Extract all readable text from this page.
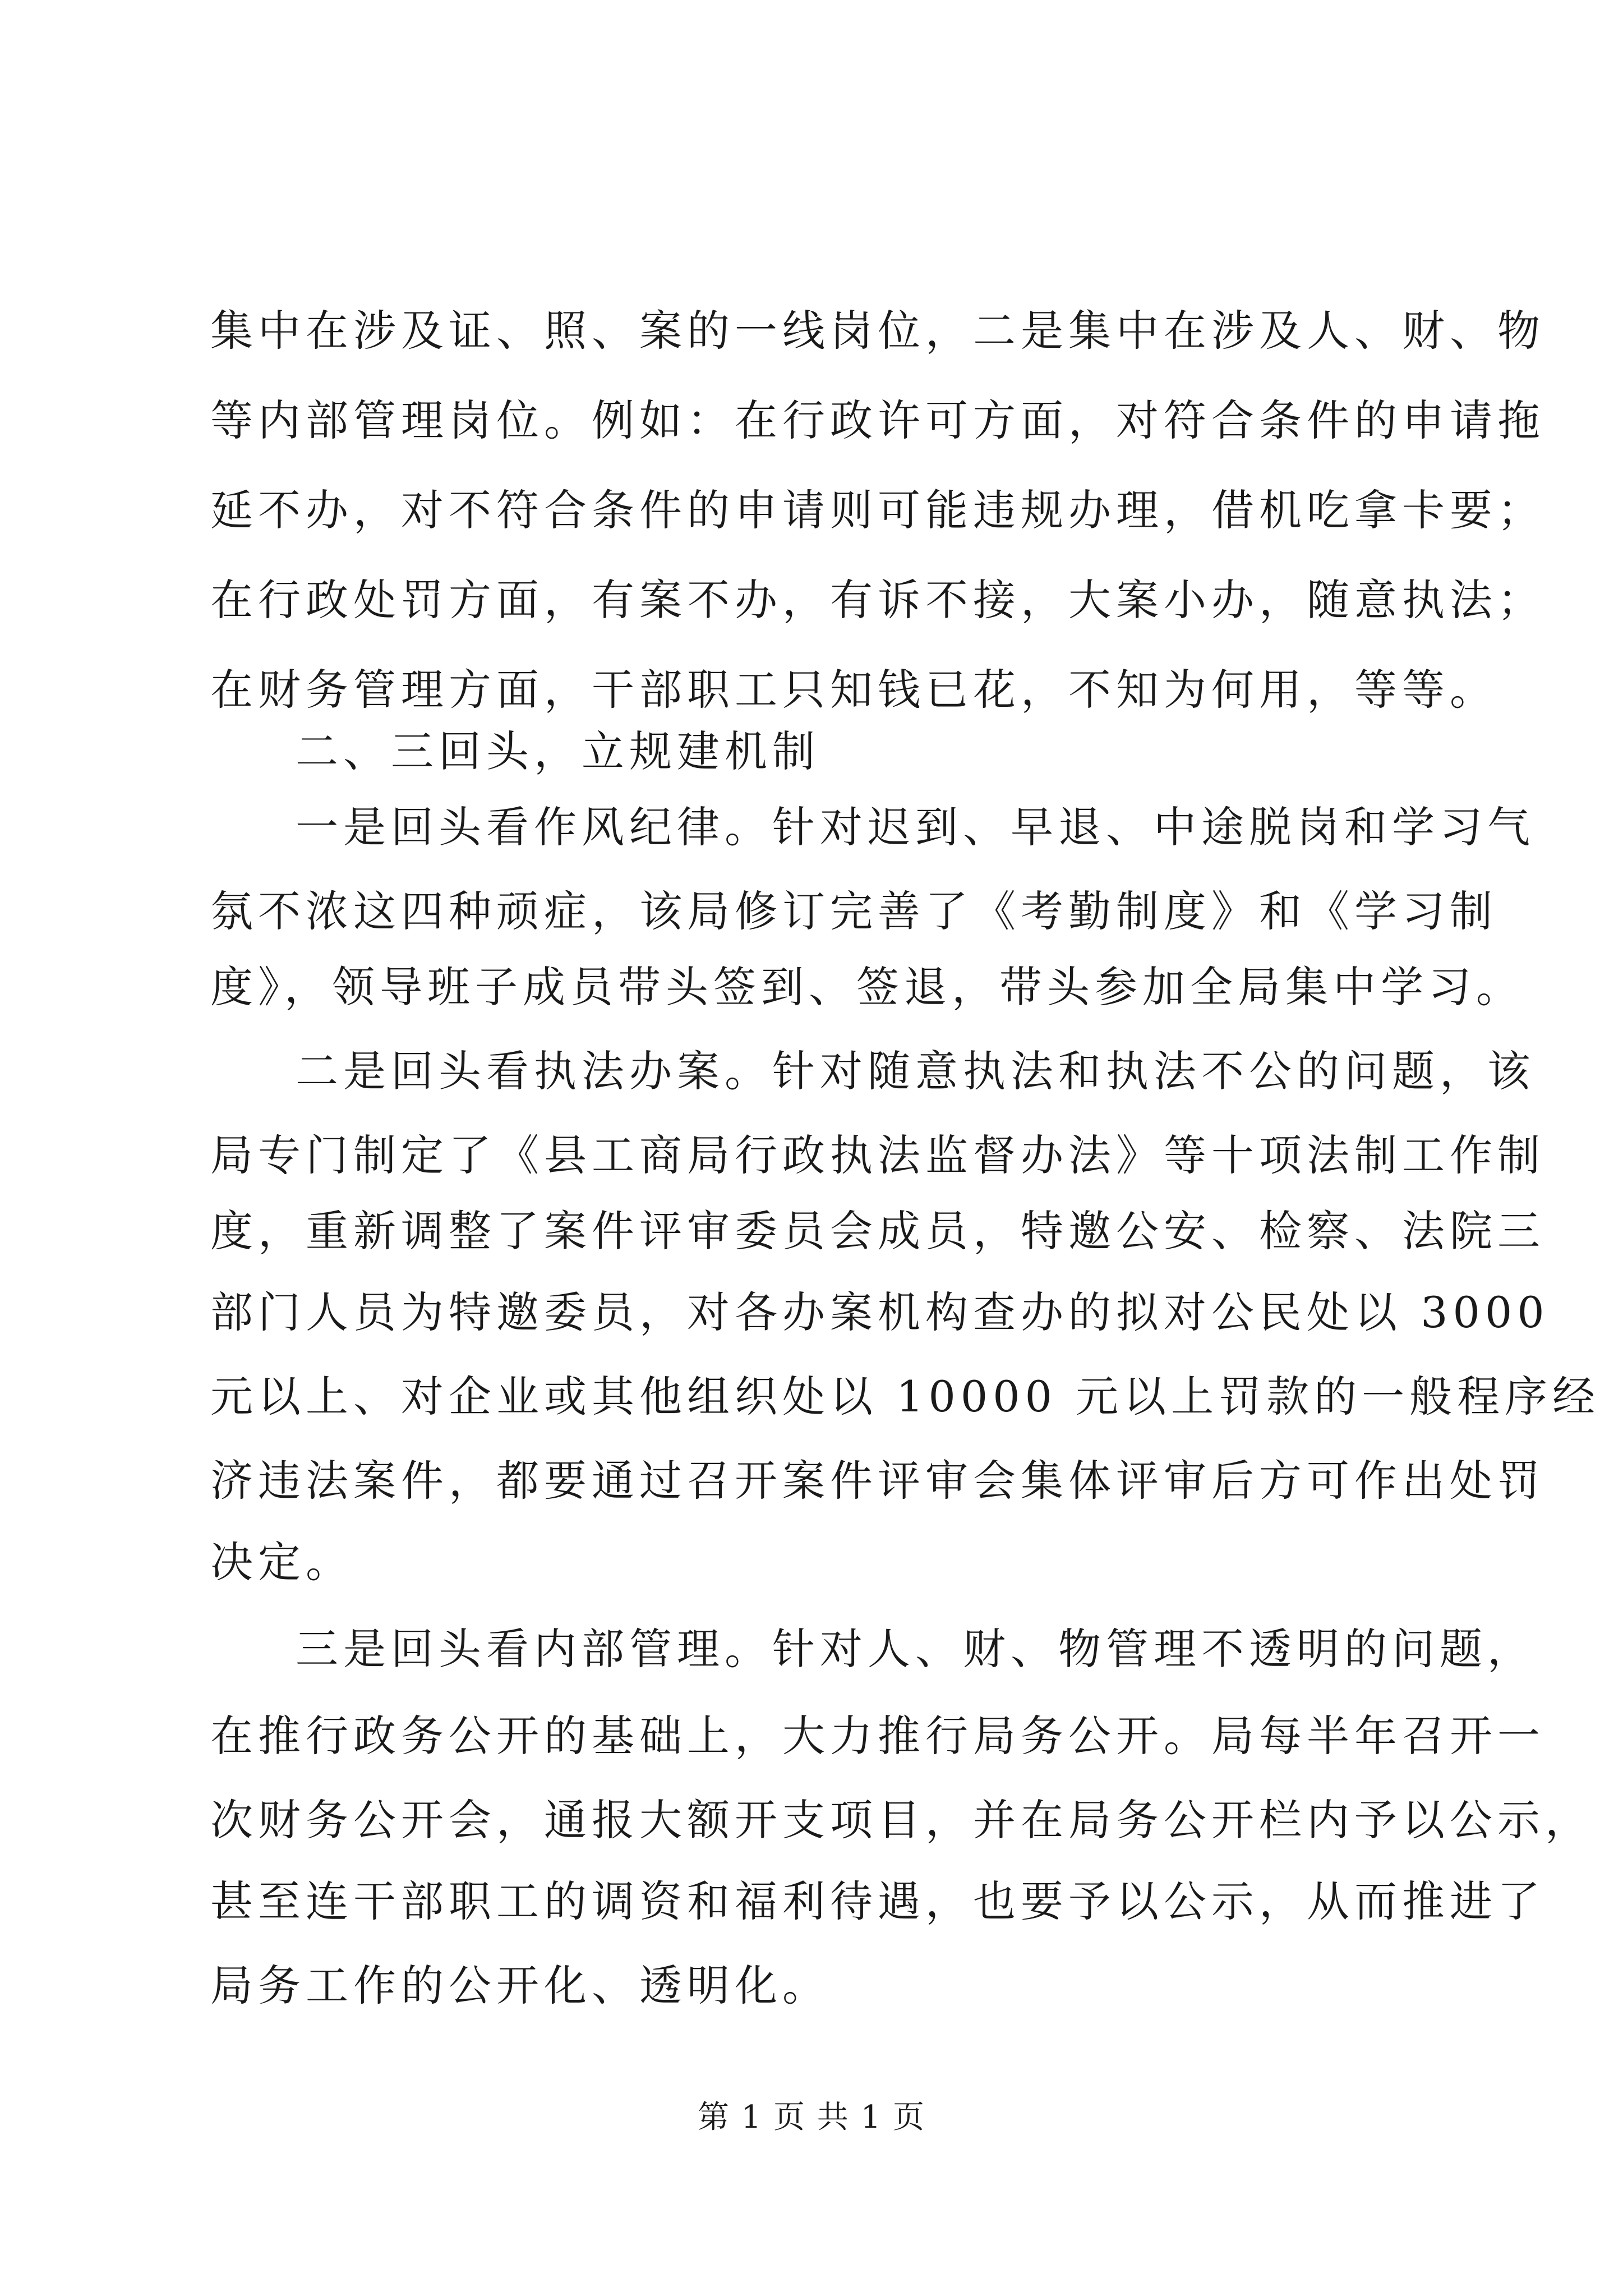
集中在涉及证、照、案的一线岗位，二是集中在涉及人、财、物
等内部管理岗位。例如：在行政许可方面，对符合条件的申请拖
延不办，对不符合条件的申请则可能违规办理，借机吃拿卡要；
在行政处罚方面，有案不办，有诉不接，大案小办，随意执法；
在财务管理方面，干部职工只知钱已花，不知为何用，等等。
二、三回头，立规建机制
一是回头看作风纪律。针对迟到、早退、中途脱岗和学习气
氛不浓这四种顽症，该局修订完善了《考勤制度》和《学习制
度》，领导班子成员带头签到、签退，带头参加全局集中学习。
二是回头看执法办案。针对随意执法和执法不公的问题，该
局专门制定了《县工商局行政执法监督办法》等十项法制工作制
度，重新调整了案件评审委员会成员，特邀公安、检察、法院三
部门人员为特邀委员，对各办案机构查办的拟对公民处以 3000
元以上、对企业或其他组织处以 10000 元以上罚款的一般程序经
济违法案件，都要通过召开案件评审会集体评审后方可作出处罚
决定。
三是回头看内部管理。针对人、财、物管理不透明的问题，
在推行政务公开的基础上，大力推行局务公开。局每半年召开一
次财务公开会，通报大额开支项目，并在局务公开栏内予以公示，
甚至连干部职工的调资和福利待遇，也要予以公示，从而推进了
局务工作的公开化、透明化。
第 1 页 共 1 页
